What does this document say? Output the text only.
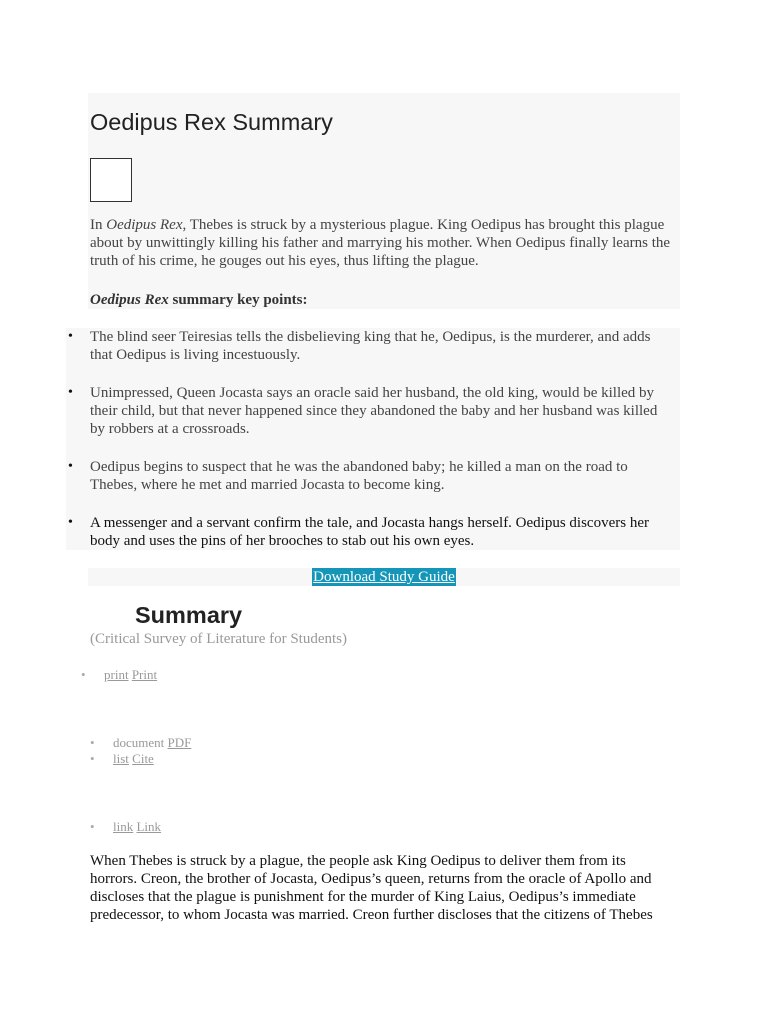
Oedipus Rex Summary

In Oedipus Rex, Thebes is struck by a mysterious plague. King Oedipus has brought this plague about by unwittingly killing his father and marrying his mother. When Oedipus finally learns the truth of his crime, he gouges out his eyes, thus lifting the plague.

Oedipus Rex summary key points:

• The blind seer Teiresias tells the disbelieving king that he, Oedipus, is the murderer, and adds that Oedipus is living incestuously.
• Unimpressed, Queen Jocasta says an oracle said her husband, the old king, would be killed by their child, but that never happened since they abandoned the baby and her husband was killed by robbers at a crossroads.
• Oedipus begins to suspect that he was the abandoned baby; he killed a man on the road to Thebes, where he met and married Jocasta to become king.
• A messenger and a servant confirm the tale, and Jocasta hangs herself. Oedipus discovers her body and uses the pins of her brooches to stab out his own eyes.
Download Study Guide
Summary

(Critical Survey of Literature for Students)

• print Print
• document PDF
• list Cite
• link Link

When Thebes is struck by a plague, the people ask King Oedipus to deliver them from its horrors. Creon, the brother of Jocasta, Oedipus’s queen, returns from the oracle of Apollo and discloses that the plague is punishment for the murder of King Laius, Oedipus’s immediate predecessor, to whom Jocasta was married. Creon further discloses that the citizens of Thebes
